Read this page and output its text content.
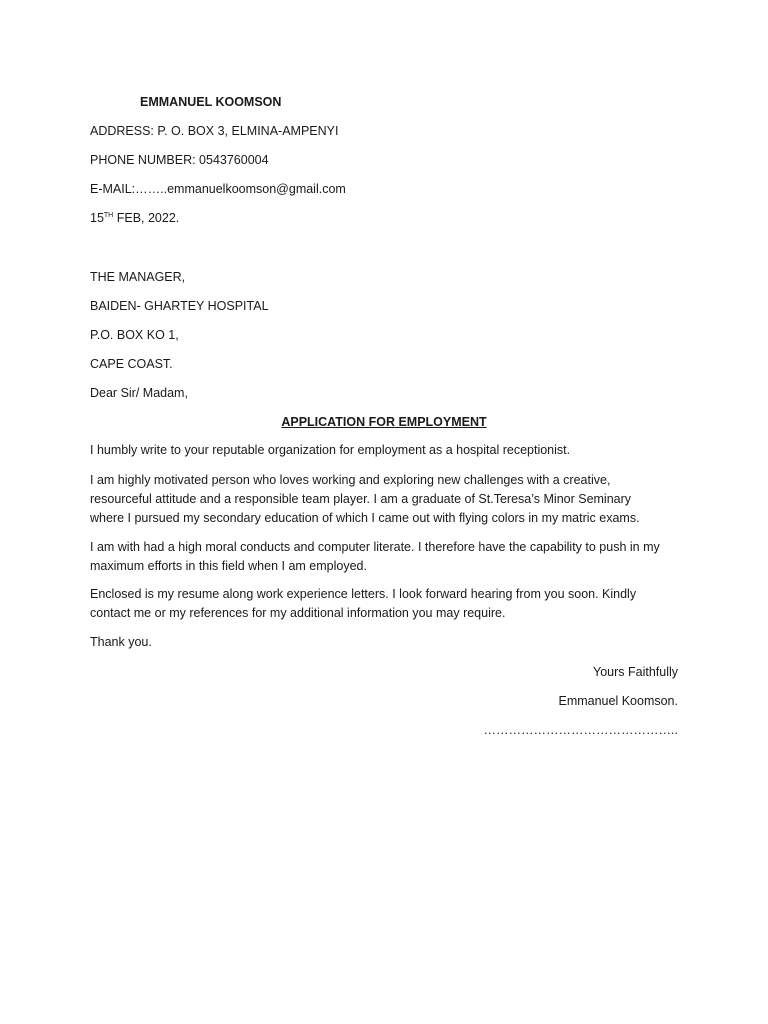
EMMANUEL KOOMSON
ADDRESS: P. O. BOX 3, ELMINA-AMPENYI
PHONE NUMBER: 0543760004
E-MAIL:……..emmanuelkoomson@gmail.com
15TH FEB, 2022.
THE MANAGER,
BAIDEN- GHARTEY HOSPITAL
P.O. BOX KO 1,
CAPE COAST.
Dear Sir/ Madam,
APPLICATION FOR EMPLOYMENT
I humbly write to your reputable organization for employment as a hospital receptionist.
I am highly motivated person who loves working and exploring new challenges with a creative,
resourceful attitude and a responsible team player. I am a graduate of St.Teresa’s Minor Seminary
where I pursued my secondary education of which I came out with flying colors in my matric exams.
I am with had a high moral conducts and computer literate. I therefore have the capability to push in my
maximum efforts in this field when I am employed.
Enclosed is my resume along work experience letters. I look forward hearing from you soon. Kindly
contact me or my references for my additional information you may require.
Thank you.
Yours Faithfully
Emmanuel Koomson.
………………………………………..
